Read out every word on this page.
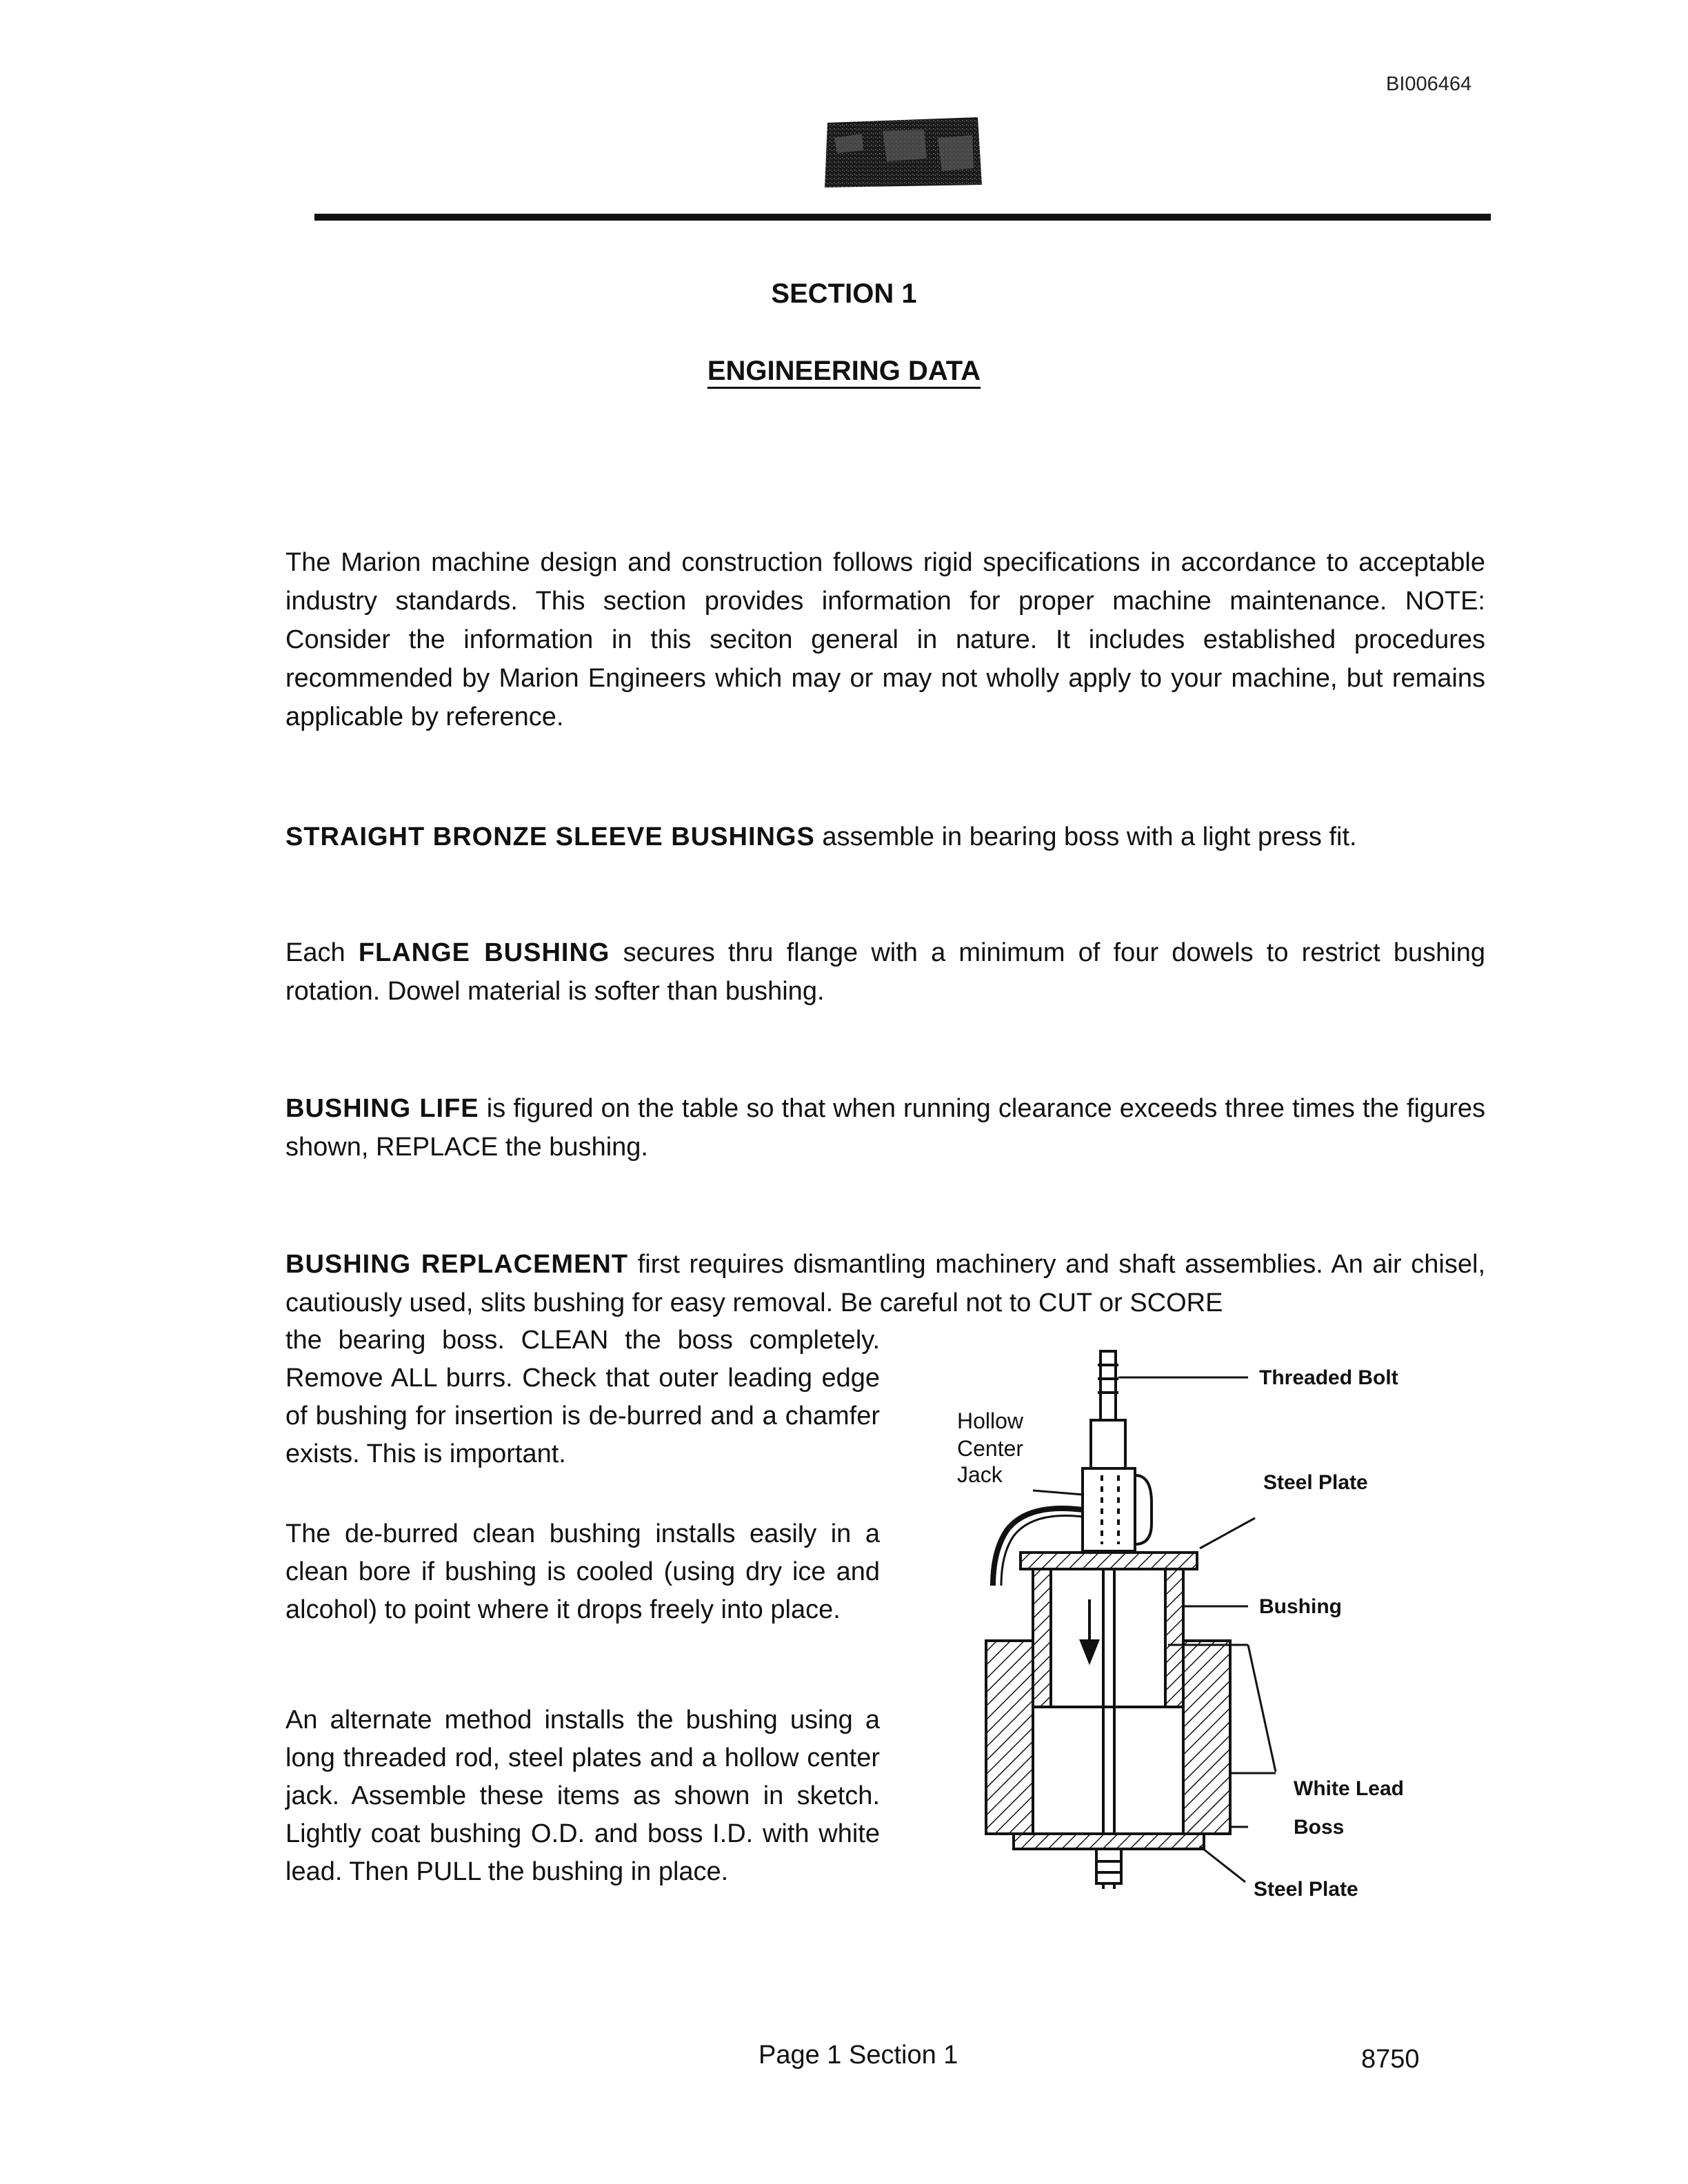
BI006464
SECTION 1
ENGINEERING DATA

The Marion machine design and construction follows rigid specifications in accordance to acceptable industry standards. This section provides information for proper machine maintenance. NOTE: Consider the information in this seciton general in nature. It includes established procedures recommended by Marion Engineers which may or may not wholly apply to your machine, but remains applicable by reference.

STRAIGHT BRONZE SLEEVE BUSHINGS assemble in bearing boss with a light press fit.

Each FLANGE BUSHING secures thru flange with a minimum of four dowels to restrict bushing rotation. Dowel material is softer than bushing.

BUSHING LIFE is figured on the table so that when running clearance exceeds three times the figures shown, REPLACE the bushing.

BUSHING REPLACEMENT first requires dismantling machinery and shaft assemblies. An air chisel, cautiously used, slits bushing for easy removal. Be careful not to CUT or SCORE

the bearing boss. CLEAN the boss completely. Remove ALL burrs. Check that outer leading edge of bushing for insertion is de-burred and a chamfer exists. This is important.

The de-burred clean bushing installs easily in a clean bore if bushing is cooled (using dry ice and alcohol) to point where it drops freely into place.

An alternate method installs the bushing using a long threaded rod, steel plates and a hollow center jack. Assemble these items as shown in sketch. Lightly coat bushing O.D. and boss I.D. with white lead. Then PULL the bushing in place.

Hollow
Center
Jack
Threaded Bolt
Steel Plate
Bushing
White Lead
Boss
Steel Plate
Page 1 Section 1	8750
